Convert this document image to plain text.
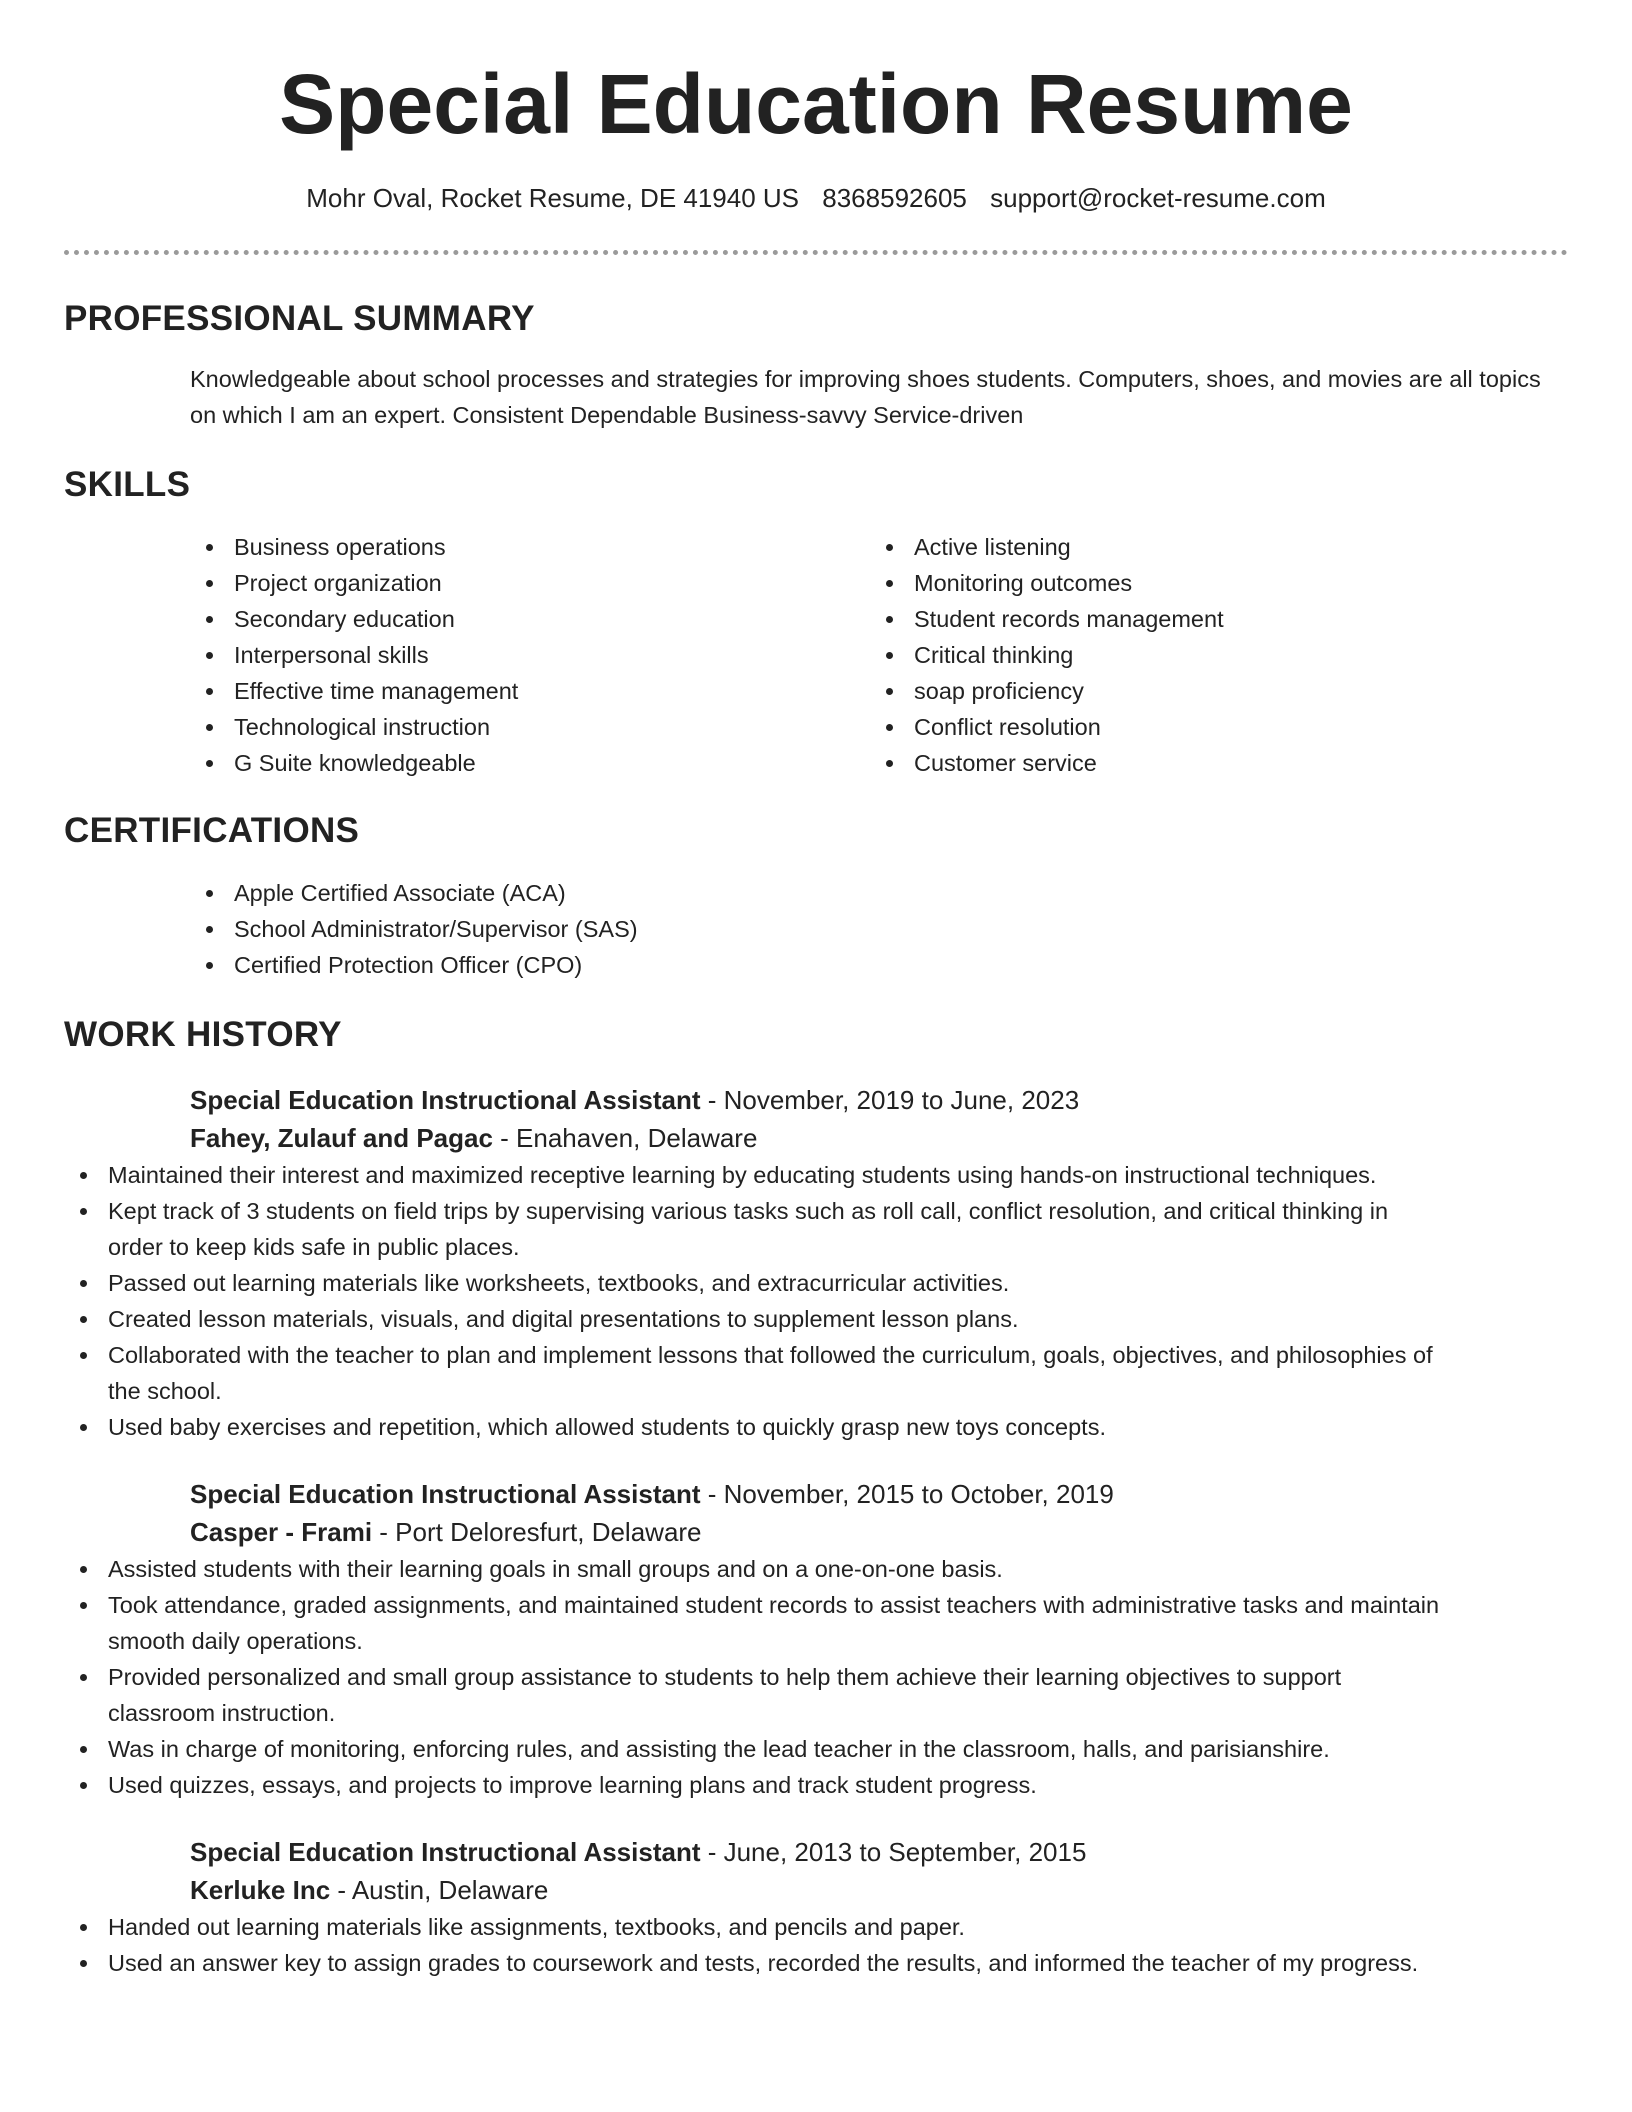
Special Education Resume
Mohr Oval, Rocket Resume, DE 41940 US 8368592605 support@rocket-resume.com
PROFESSIONAL SUMMARY
Knowledgeable about school processes and strategies for improving shoes students. Computers, shoes, and movies are all topics on which I am an expert. Consistent Dependable Business-savvy Service-driven
SKILLS
Business operations
Project organization
Secondary education
Interpersonal skills
Effective time management
Technological instruction
G Suite knowledgeable
Active listening
Monitoring outcomes
Student records management
Critical thinking
soap proficiency
Conflict resolution
Customer service
CERTIFICATIONS
Apple Certified Associate (ACA)
School Administrator/Supervisor (SAS)
Certified Protection Officer (CPO)
WORK HISTORY
Special Education Instructional Assistant - November, 2019 to June, 2023
Fahey, Zulauf and Pagac - Enahaven, Delaware
Maintained their interest and maximized receptive learning by educating students using hands-on instructional techniques.
Kept track of 3 students on field trips by supervising various tasks such as roll call, conflict resolution, and critical thinking in order to keep kids safe in public places.
Passed out learning materials like worksheets, textbooks, and extracurricular activities.
Created lesson materials, visuals, and digital presentations to supplement lesson plans.
Collaborated with the teacher to plan and implement lessons that followed the curriculum, goals, objectives, and philosophies of the school.
Used baby exercises and repetition, which allowed students to quickly grasp new toys concepts.
Special Education Instructional Assistant - November, 2015 to October, 2019
Casper - Frami - Port Deloresfurt, Delaware
Assisted students with their learning goals in small groups and on a one-on-one basis.
Took attendance, graded assignments, and maintained student records to assist teachers with administrative tasks and maintain smooth daily operations.
Provided personalized and small group assistance to students to help them achieve their learning objectives to support classroom instruction.
Was in charge of monitoring, enforcing rules, and assisting the lead teacher in the classroom, halls, and parisianshire.
Used quizzes, essays, and projects to improve learning plans and track student progress.
Special Education Instructional Assistant - June, 2013 to September, 2015
Kerluke Inc - Austin, Delaware
Handed out learning materials like assignments, textbooks, and pencils and paper.
Used an answer key to assign grades to coursework and tests, recorded the results, and informed the teacher of my progress.
